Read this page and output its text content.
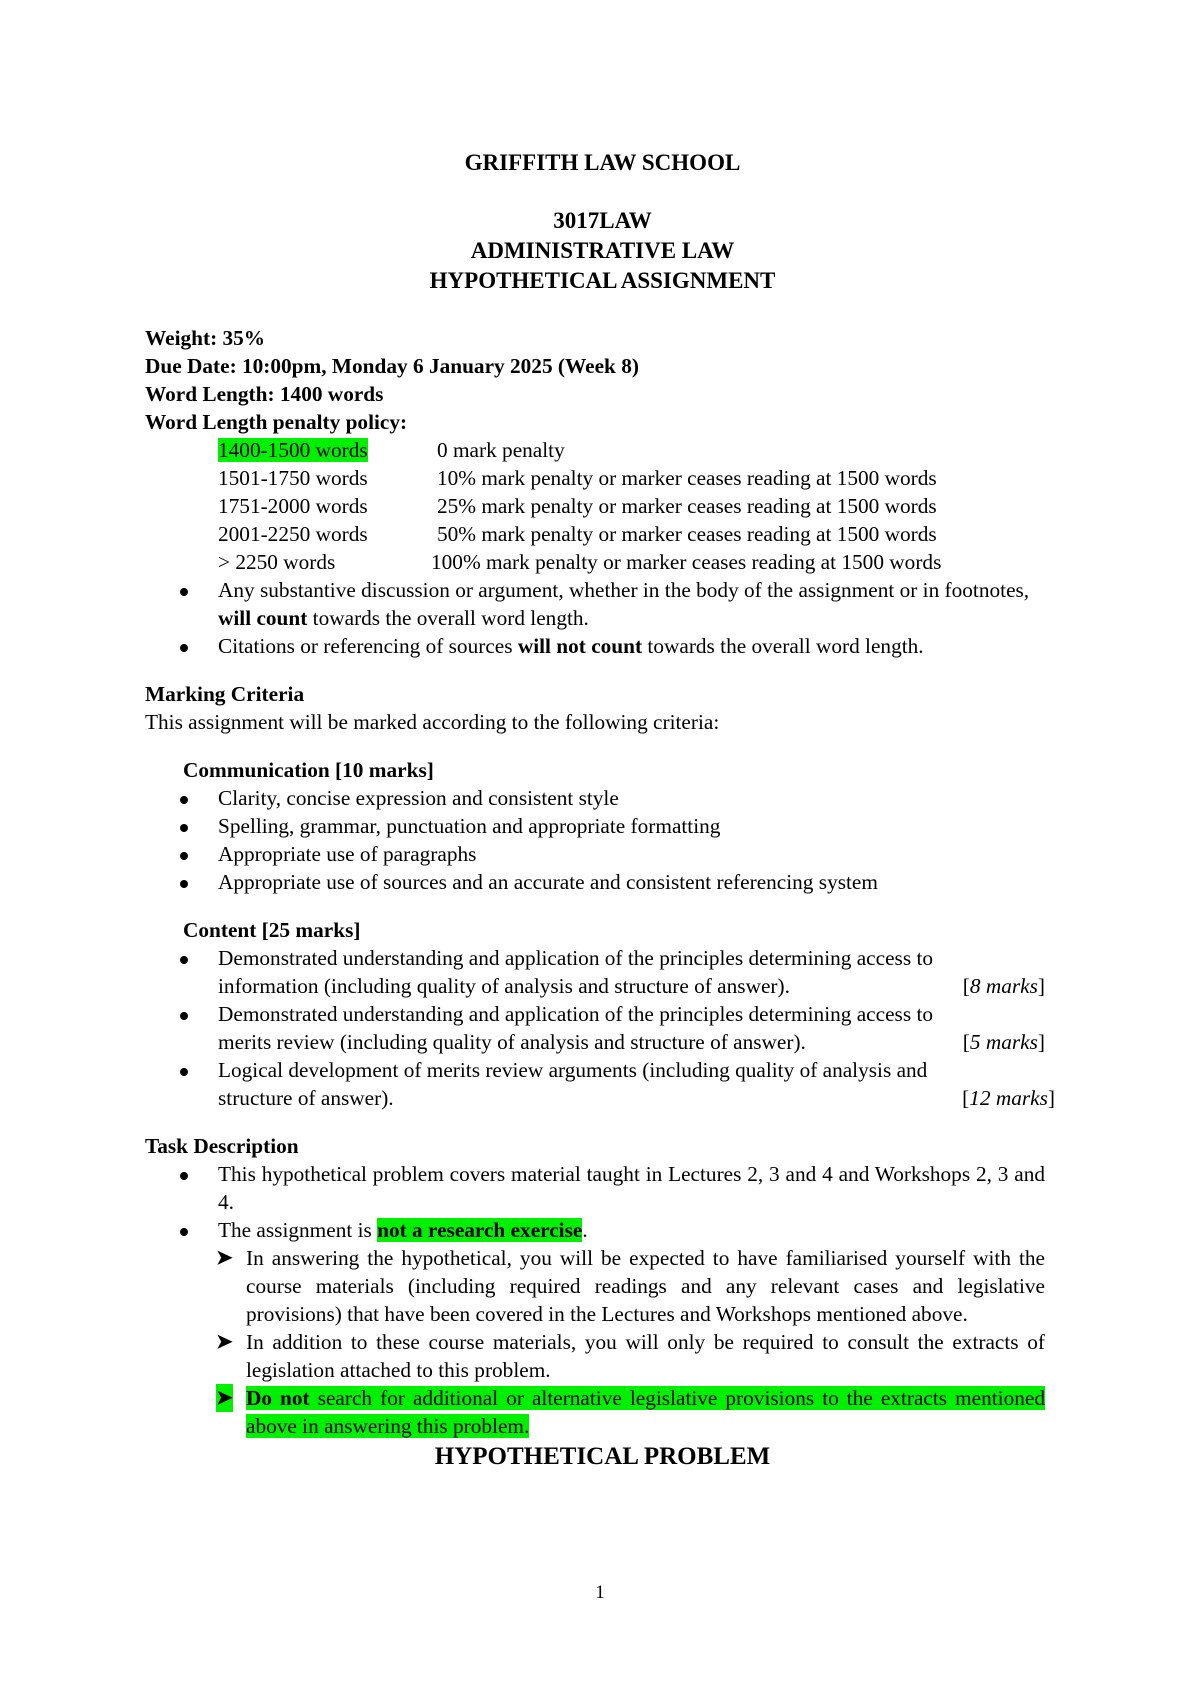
GRIFFITH LAW SCHOOL
3017LAW
ADMINISTRATIVE LAW
HYPOTHETICAL ASSIGNMENT
Weight: 35%
Due Date: 10:00pm, Monday 6 January 2025 (Week 8)
Word Length: 1400 words
Word Length penalty policy:
1400-1500 words	0 mark penalty
1501-1750 words	10% mark penalty or marker ceases reading at 1500 words
1751-2000 words	25% mark penalty or marker ceases reading at 1500 words
2001-2250 words	50% mark penalty or marker ceases reading at 1500 words
> 2250 words	100% mark penalty or marker ceases reading at 1500 words
Any substantive discussion or argument, whether in the body of the assignment or in footnotes, will count towards the overall word length.
Citations or referencing of sources will not count towards the overall word length.
Marking Criteria
This assignment will be marked according to the following criteria:
Communication [10 marks]
Clarity, concise expression and consistent style
Spelling, grammar, punctuation and appropriate formatting
Appropriate use of paragraphs
Appropriate use of sources and an accurate and consistent referencing system
Content [25 marks]
Demonstrated understanding and application of the principles determining access to
information (including quality of analysis and structure of answer).	[8 marks]
Demonstrated understanding and application of the principles determining access to
merits review (including quality of analysis and structure of answer).	[5 marks]
Logical development of merits review arguments (including quality of analysis and
structure of answer).	[12 marks]
Task Description
This hypothetical problem covers material taught in Lectures 2, 3 and 4 and Workshops 2, 3 and 4.
The assignment is not a research exercise.
➤ In answering the hypothetical, you will be expected to have familiarised yourself with the course materials (including required readings and any relevant cases and legislative provisions) that have been covered in the Lectures and Workshops mentioned above.
➤ In addition to these course materials, you will only be required to consult the extracts of legislation attached to this problem.
➤ Do not search for additional or alternative legislative provisions to the extracts mentioned above in answering this problem.
HYPOTHETICAL PROBLEM
1
